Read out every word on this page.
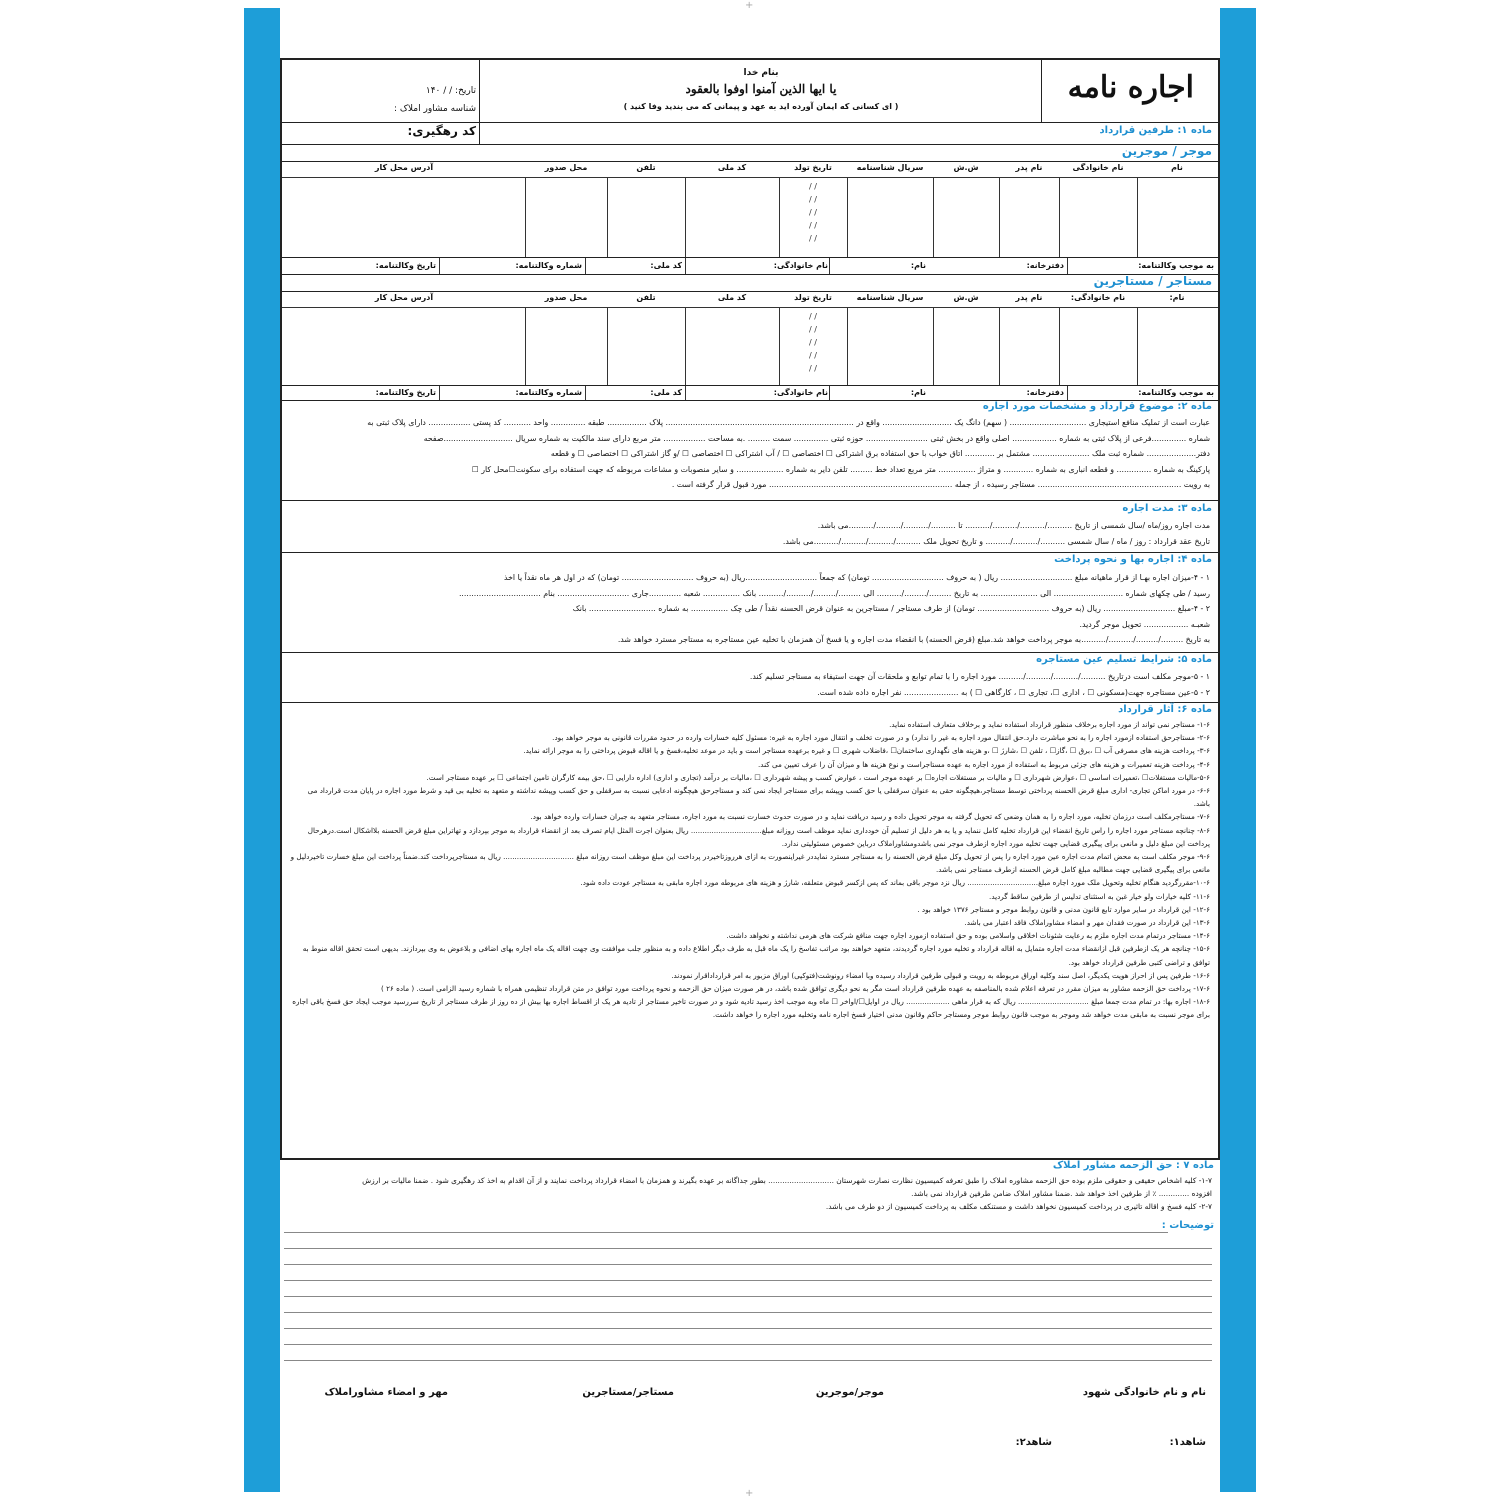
+
+
اجاره نامه
بنام خدا
یا ایها الذین آمنوا اوفوا بالعقود
( ای کسانی که ایمان آورده اید به عهد و پیمانی که می بندید وفا کنید )
تاریخ: / / ۱۴۰
شناسه مشاور املاک :
کد رهگیری:	ماده ۱: طرفین قرارداد
موجر / موجرین
نام
نام خانوادگی
نام پدر
ش.ش
سریال شناسنامه
تاریخ تولد
کد ملی
تلفن
محل صدور
آدرس محل کار
/ /
/ /
/ /
/ /
/ /
به موجب وکالتنامه:
دفترخانه:
نام:
نام خانوادگی:
کد ملی:
شماره وکالتنامه:
تاریخ وکالتنامه:
مستاجر / مستاجرین
نام:
نام خانوادگی:
نام پدر
ش.ش
سریال شناسنامه
تاریخ تولد
کد ملی
تلفن
محل صدور
آدرس محل کار
/ /
/ /
/ /
/ /
/ /
به موجب وکالتنامه:
دفترخانه:
نام:
نام خانوادگی:
کد ملی:
شماره وکالتنامه:
تاریخ وکالتنامه:
ماده ۲: موضوع قرارداد و مشخصات مورد اجاره
عبارت است از تملیک منافع استیجاری ............................... ( سهم) دانگ یک ............................ واقع در ............................................................................ پلاک ................ طبقه .............. واحد ........... کد پستی ................. دارای پلاک ثبتی به
شماره ..............فرعی از پلاک ثبتی به شماره .................. اصلی واقع در بخش ثبتی ......................... حوزه ثبتی .............. سمت ......... .به مساحت ................. متر مربع دارای سند مالکیت به شماره سریال ............................صفحه
دفتر.................... شماره ثبت ملک ....................... مشتمل بر ............ اتاق خواب با حق استفاده برق اشتراکی ☐ اختصاصی ☐ / آب اشتراکی ☐ اختصاصی ☐ /و گاز اشتراکی ☐ اختصاصی ☐ و قطعه
پارکینگ به شماره .............. و قطعه انباری به شماره ............ و متراژ ............... متر مربع تعداد خط ......... تلفن دایر به شماره ................... و سایر منصوبات و مشاعات مربوطه که جهت استفاده برای سکونت☐محل کار ☐
به رویت .......................................................... مستاجر رسیده ، از جمله .......................................................................... مورد قبول قرار گرفته است .
ماده ۳: مدت اجاره
مدت اجاره روز/ماه /سال شمسی از تاریخ ........../........../........../.......... تا ........../........../........../..........می باشد.
تاریخ عقد قرارداد : روز / ماه / سال شمسی ........../........../.......... و تاریخ تحویل ملک ........../........../........../..........می باشد.
ماده ۴: اجاره بها و نحوه پرداخت
۱ - ۴-میزان اجاره بهـا از قرار ماهیانه مبلغ ............................. ریال ( به حروف ............................. تومان) که جمعاً .............................ریال (به حروف ............................. تومان) که در اول هر ماه نقداً یا اخذ
رسید / طی چکهای شماره ............................ الی ....................... به تاریخ ........./........./.......... الی ........./........./........../.......... بانک ............... شعبه .............جاری ............................. بنام .................................
۲ - ۴-مبلغ ............................. ریال (به حروف ............................. تومان) از طرف مستاجر / مستاجرین به عنوان قرض الحسنه نقداً / طی چک ............... به شماره ........................... بانک
شعبـه .................. تحویل موجر گردید.
به تاریخ ........./........./........../..........به موجر پرداخت خواهد شد.مبلغ (قرض الحسنه) با انقضاء مدت اجاره و یا فسخ آن همزمان با تخلیه عین مستاجره به مستاجر مسترد خواهد شد.
ماده ۵: شرایط تسلیم عین مستاجره
۱ - ۵-موجر مکلف است درتاریخ ........../........../........../.......... مورد اجاره را با تمام توابع و ملحقات آن جهت استیفاء به مستاجر تسلیم کند.
۲ - ۵-عین مستاجره جهت(مسکونی ☐ ، اداری ☐، تجاری ☐ ، کارگاهی ☐ ) به ...................... نفر اجاره داده شده است.
ماده ۶: آثار قرارداد

۱-۶- مستاجر نمی تواند از مورد اجاره برخلاف منظور قرارداد استفاده نماید و برخلاف متعارف استفاده نماید.

۲-۶- مستاجرحق استفاده ازمورد اجاره را به نحو مباشرت دارد.حق انتقال مورد اجاره به غیر را ندارد) و در صورت تخلف و انتقال مورد اجاره به غیره: مسئول کلیه خسارات وارده در حدود مقررات قانونی به موجر خواهد بود.

۳-۶- پرداخت هزینه های مصرفی آب ☐ ،برق ☐ ،گاز☐ ، تلفن ☐ ،شارژ ☐ ،و هزینه های نگهداری ساختمان☐ ،فاضلاب شهری ☐ و غیره برعهده مستاجر است و باید در موعد تخلیه،فسخ و یا اقاله قبوض پرداختی را به موجر ارائه نماید.

۴-۶- پرداخت هزینه تعمیرات و هزینه های جزئی مربوط به استفاده از مورد اجاره به عهده مستاجراست و نوع هزینه ها و میزان آن را عرف تعیین می کند.

۵-۶-مالیات مستغلات☐ ،تعمیرات اساسی ☐ ،عوارض شهرداری ☐ و مالیات بر مستغلات اجاره☐ بر عهده موجر است ، عوارض کسب و پیشه شهرداری ☐ ،مالیات بر درآمد (تجاری و اداری) اداره دارایی ☐ ،حق بیمه کارگران تامین اجتماعی ☐ بر عهده مستاجر است.

۶-۶- در مورد اماکن تجاری- اداری مبلغ قرض الحسنه پرداختی توسط مستاجر،هیچگونه حقی به عنوان سرقفلی یا حق کسب وپیشه برای مستاجر ایجاد نمی کند و مستاجرحق هیچگونه ادعایی نسبت به سرقفلی و حق کسب وپیشه نداشته و متعهد به تخلیه بی قید و شرط مورد اجاره در پایان مدت قرارداد می باشد.

۷-۶- مستاجرمکلف است درزمان تخلیه، مورد اجاره را به همان وضعی که تحویل گرفته به موجر تحویل داده و رسید دریافت نماید و در صورت حدوث خسارت نسبت به مورد اجاره، مستاجر متعهد به جبران خسارات وارده خواهد بود.

۸-۶- چنانچه مستاجر مورد اجاره را راس تاریخ انقضاء این قرارداد تخلیه کامل ننماید و یا به هر دلیل از تسلیم آن خودداری نماید موظف است روزانه مبلغ............................... ریال بعنوان اجرت المثل ایام تصرف بعد از انقضاء قرارداد به موجر بپردازد و تهاتراین مبلغ قرض الحسنه بلااشکال است.درهرحال پرداخت این مبلغ دلیل و مانعی برای پیگیری قضایی جهت تخلیه مورد اجاره ازطرف موجر نمی باشدومشاوراملاک درباین خصوص مسئولیتی ندارد.

۹-۶- موجر مکلف است به محض اتمام مدت اجاره عین مورد اجاره را پس از تحویل وکل مبلغ قرض الحسنه را به مستاجر مسترد نمایددر غیراینصورت به ازای هرروزتاخیردر پرداخت این مبلغ موظف است روزانه مبلغ ............................... ریال به مستاجرپرداخت کند.ضمناً پرداخت این مبلغ خسارت تاخیردلیل و مانعی برای پیگیری قضایی جهت مطالبه مبلغ کامل قرض الحسنه ازطرف مستاجر نمی باشد.

۱۰-۶-مقررگردید هنگام تخلیه وتحویل ملک مورد اجاره مبلغ............................... ریال نزد موجر باقی بماند که پس ازکسر قبوض متعلقه، شارژ و هزینه های مربوطه مورد اجاره مابقی به مستاجر عودت داده شود.

۱۱-۶- کلیه خیارات ولو خیار غبن به استثنای تدلیس از طرفین ساقط گردید.

۱۲-۶- این قرارداد در سایر موارد تابع قانون مدنی و قانون روابط موجر و مستاجر ۱۳۷۶ خواهد بود .

۱۳-۶- این قرارداد در صورت فقدان مهر و امضاء مشاوراملاک فاقد اعتبار می باشد.

۱۴-۶- مستاجر درتمام مدت اجاره ملزم به رعایت شئونات اخلاقی واسلامی بوده و حق استفاده ازمورد اجاره جهت منافع شرکت های هرمی نداشته و نخواهد داشت.

۱۵-۶- چنانچه هر یک ازطرفین قبل ازانقضاء مدت اجاره متمایل به اقاله قرارداد و تخلیه مورد اجاره گردیدند، متعهد خواهند بود مراتب تفاسخ را یک ماه قبل به طرف دیگر اطلاع داده و به منظور جلب موافقت وی جهت اقاله یک ماه اجاره بهای اضافی و بلاعوض به وی بپردازند. بدیهی است تحقق اقاله منوط به توافق و تراضی کتبی طرفین قرارداد خواهد بود.

۱۶-۶- طرفین پس از احراز هویت یکدیگر، اصل سند وکلیه اوراق مربوطه به رویت و قبولی طرفین قرارداد رسیده وبا امضاء رونوشت(فتوکپی) اوراق مزبور به امر قرارداداقرار نمودند.

۱۷-۶- پرداخت حق الزحمه مشاور به میزان مقرر در تعرفه اعلام شده بالمناصفه به عهده طرفین قرارداد است مگر به نحو دیگری توافق شده باشد، در هر صورت میزان حق الزحمه و نحوه پرداخت مورد توافق در متن قرارداد تنظیمی همراه با شماره رسید الزامی است. ( ماده ۲۶ )

۱۸-۶- اجاره بها: در تمام مدت جمعا مبلغ ............................... ریال که به قرار ماهی ................... ریال در اوایل☐/اواخر ☐ ماه وبه موجب اخذ رسید تادیه شود و در صورت تاخیر مستاجر از تادیه هر یک از اقساط اجاره بها بیش از ده روز از طرف مستاجر از تاریخ سررسید موجب ایجاد حق فسخ باقی اجاره برای موجر نسبت به مابقی مدت خواهد شد وموجر به موجب قانون روابط موجر ومستاجر حاکم وقانون مدنی اختیار فسخ اجاره نامه وتخلیه مورد اجاره را خواهد داشت.

ماده ۷ : حق الزحمه مشاور املاک
۱-۷- کلیه اشخاص حقیقی و حقوقی ملزم بوده حق الزحمه مشاوره املاک را طبق تعرفه کمیسیون نظارت نصارت شهرستان ............................ بطور جداگانه بر عهده بگیرند و همزمان با امضاء قرارداد پرداخت نمایند و از آن اقدام به اخذ کد رهگیری شود . ضمنا مالیات بر ارزش افزوده ............. ٪ از طرفین اخذ خواهد شد .ضمنا مشاور املاک ضامن طرفین قرارداد نمی باشد.
۲-۷- کلیه فسخ و اقاله تاثیری در پرداخت کمیسیون نخواهد داشت و مستنکف مکلف به پرداخت کمیسیون از دو طرف می باشد.
توضیحات :
نام و نام خانوادگی شهود
موجر/موجرین
مستاجر/مستاجرین
مهر و امضاء مشاوراملاک
شاهد۱:
شاهد۲:
